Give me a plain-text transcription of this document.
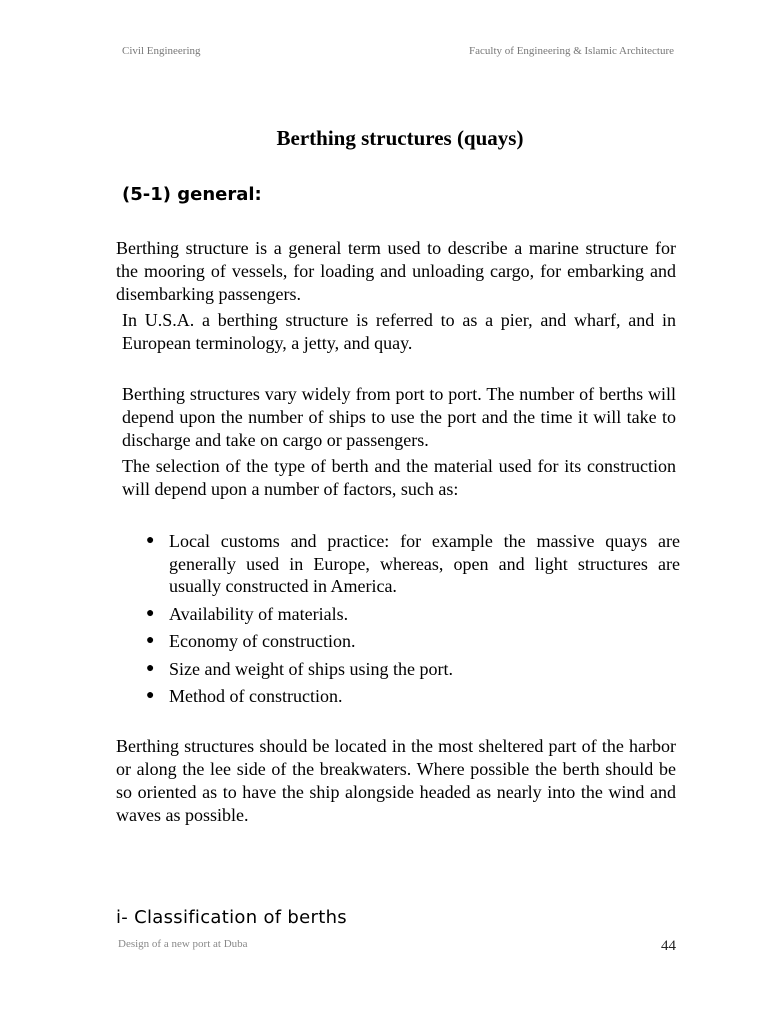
Civil Engineering	Faculty of Engineering & Islamic Architecture
Berthing structures (quays)
(5-1) general:

Berthing structure is a general term used to describe a marine structure for the mooring of vessels, for loading and unloading cargo, for embarking and disembarking passengers.

In U.S.A. a berthing structure is referred to as a pier, and wharf, and in European terminology, a jetty, and quay.

Berthing structures vary widely from port to port. The number of berths will depend upon the number of ships to use the port and the time it will take to discharge and take on cargo or passengers.

The selection of the type of berth and the material used for its construction will depend upon a number of factors, such as:

● Local customs and practice: for example the massive quays are generally used in Europe, whereas, open and light structures are usually constructed in America.
● Availability of materials.
● Economy of construction.
● Size and weight of ships using the port.
● Method of construction.

Berthing structures should be located in the most sheltered part of the harbor or along the lee side of the breakwaters. Where possible the berth should be so oriented as to have the ship alongside headed as nearly into the wind and waves as possible.

i- Classification of berths
Design of a new port at Duba	44
